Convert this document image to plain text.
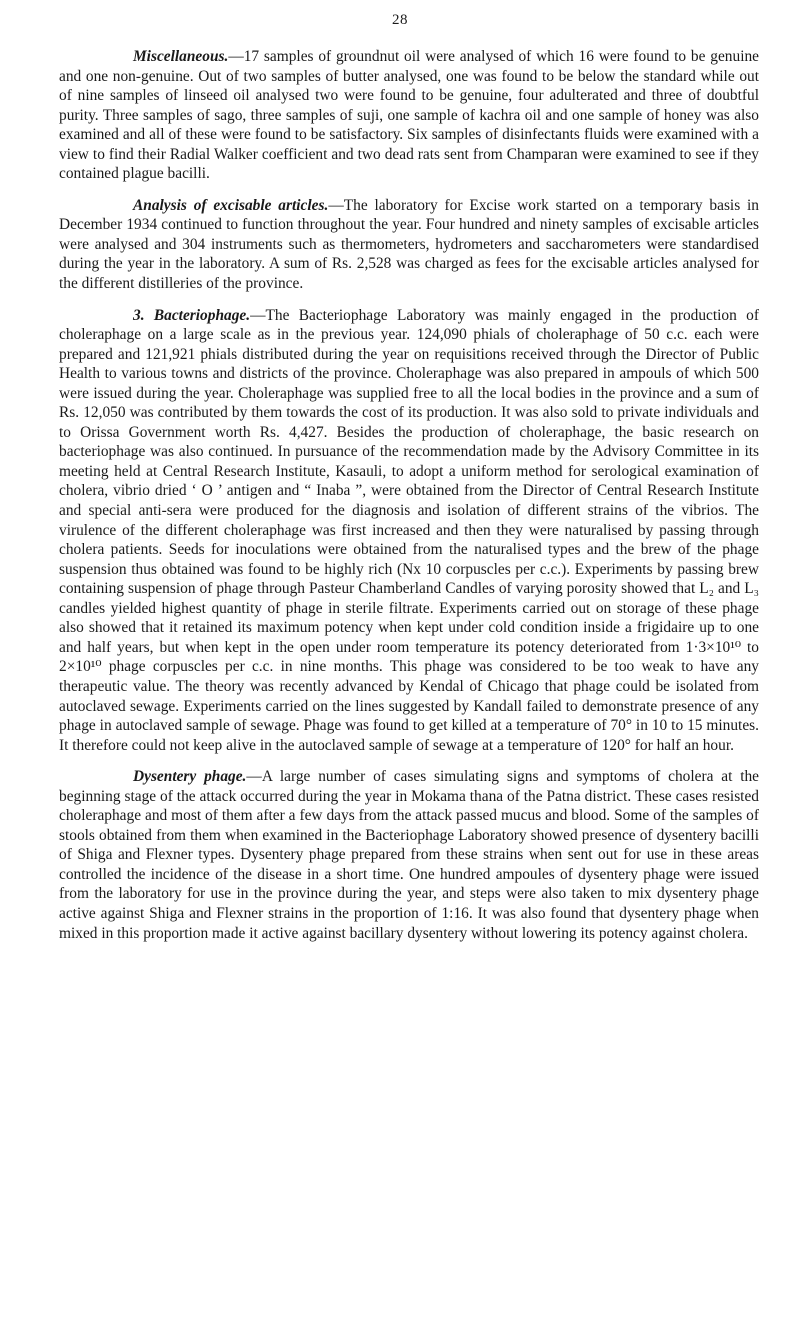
28

Miscellaneous.—17 samples of groundnut oil were analysed of which 16 were found to be genuine and one non-genuine. Out of two samples of butter analysed, one was found to be below the standard while out of nine samples of linseed oil analysed two were found to be genuine, four adulterated and three of doubtful purity. Three samples of sago, three samples of suji, one sample of kachra oil and one sample of honey was also examined and all of these were found to be satisfactory. Six samples of disinfectants fluids were examined with a view to find their Radial Walker coefficient and two dead rats sent from Champaran were examined to see if they contained plague bacilli.

Analysis of excisable articles.—The laboratory for Excise work started on a temporary basis in December 1934 continued to function throughout the year. Four hundred and ninety samples of excisable articles were analysed and 304 instruments such as thermometers, hydrometers and saccharometers were standardised during the year in the laboratory. A sum of Rs. 2,528 was charged as fees for the excisable articles analysed for the different distilleries of the province.

3. Bacteriophage.—The Bacteriophage Laboratory was mainly engaged in the production of choleraphage on a large scale as in the previous year. 124,090 phials of choleraphage of 50 c.c. each were prepared and 121,921 phials distributed during the year on requisitions received through the Director of Public Health to various towns and districts of the province. Choleraphage was also prepared in ampouls of which 500 were issued during the year. Choleraphage was supplied free to all the local bodies in the province and a sum of Rs. 12,050 was contributed by them towards the cost of its production. It was also sold to private individuals and to Orissa Government worth Rs. 4,427. Besides the production of choleraphage, the basic research on bacteriophage was also continued. In pursuance of the recommendation made by the Advisory Committee in its meeting held at Central Research Institute, Kasauli, to adopt a uniform method for serological examination of cholera, vibrio dried ‘ O ’ antigen and “ Inaba ”, were obtained from the Director of Central Research Institute and special anti-sera were produced for the diagnosis and isolation of different strains of the vibrios. The virulence of the different choleraphage was first increased and then they were naturalised by passing through cholera patients. Seeds for inoculations were obtained from the naturalised types and the brew of the phage suspension thus obtained was found to be highly rich (Nx 10 corpuscles per c.c.). Experiments by passing brew containing suspension of phage through Pasteur Chamberland Candles of varying porosity showed that L₂ and L₃ candles yielded highest quantity of phage in sterile filtrate. Experiments carried out on storage of these phage also showed that it retained its maximum potency when kept under cold condition inside a frigidaire up to one and half years, but when kept in the open under room temperature its potency deteriorated from 1·3×10¹⁰ to 2×10¹⁰ phage corpuscles per c.c. in nine months. This phage was considered to be too weak to have any therapeutic value. The theory was recently advanced by Kendal of Chicago that phage could be isolated from autoclaved sewage. Experiments carried on the lines suggested by Kandall failed to demonstrate presence of any phage in autoclaved sample of sewage. Phage was found to get killed at a temperature of 70° in 10 to 15 minutes. It therefore could not keep alive in the autoclaved sample of sewage at a temperature of 120° for half an hour.

Dysentery phage.—A large number of cases simulating signs and symptoms of cholera at the beginning stage of the attack occurred during the year in Mokama thana of the Patna district. These cases resisted choleraphage and most of them after a few days from the attack passed mucus and blood. Some of the samples of stools obtained from them when examined in the Bacteriophage Laboratory showed presence of dysentery bacilli of Shiga and Flexner types. Dysentery phage prepared from these strains when sent out for use in these areas controlled the incidence of the disease in a short time. One hundred ampoules of dysentery phage were issued from the laboratory for use in the province during the year, and steps were also taken to mix dysentery phage active against Shiga and Flexner strains in the proportion of 1:16. It was also found that dysentery phage when mixed in this proportion made it active against bacillary dysentery without lowering its potency against cholera.
